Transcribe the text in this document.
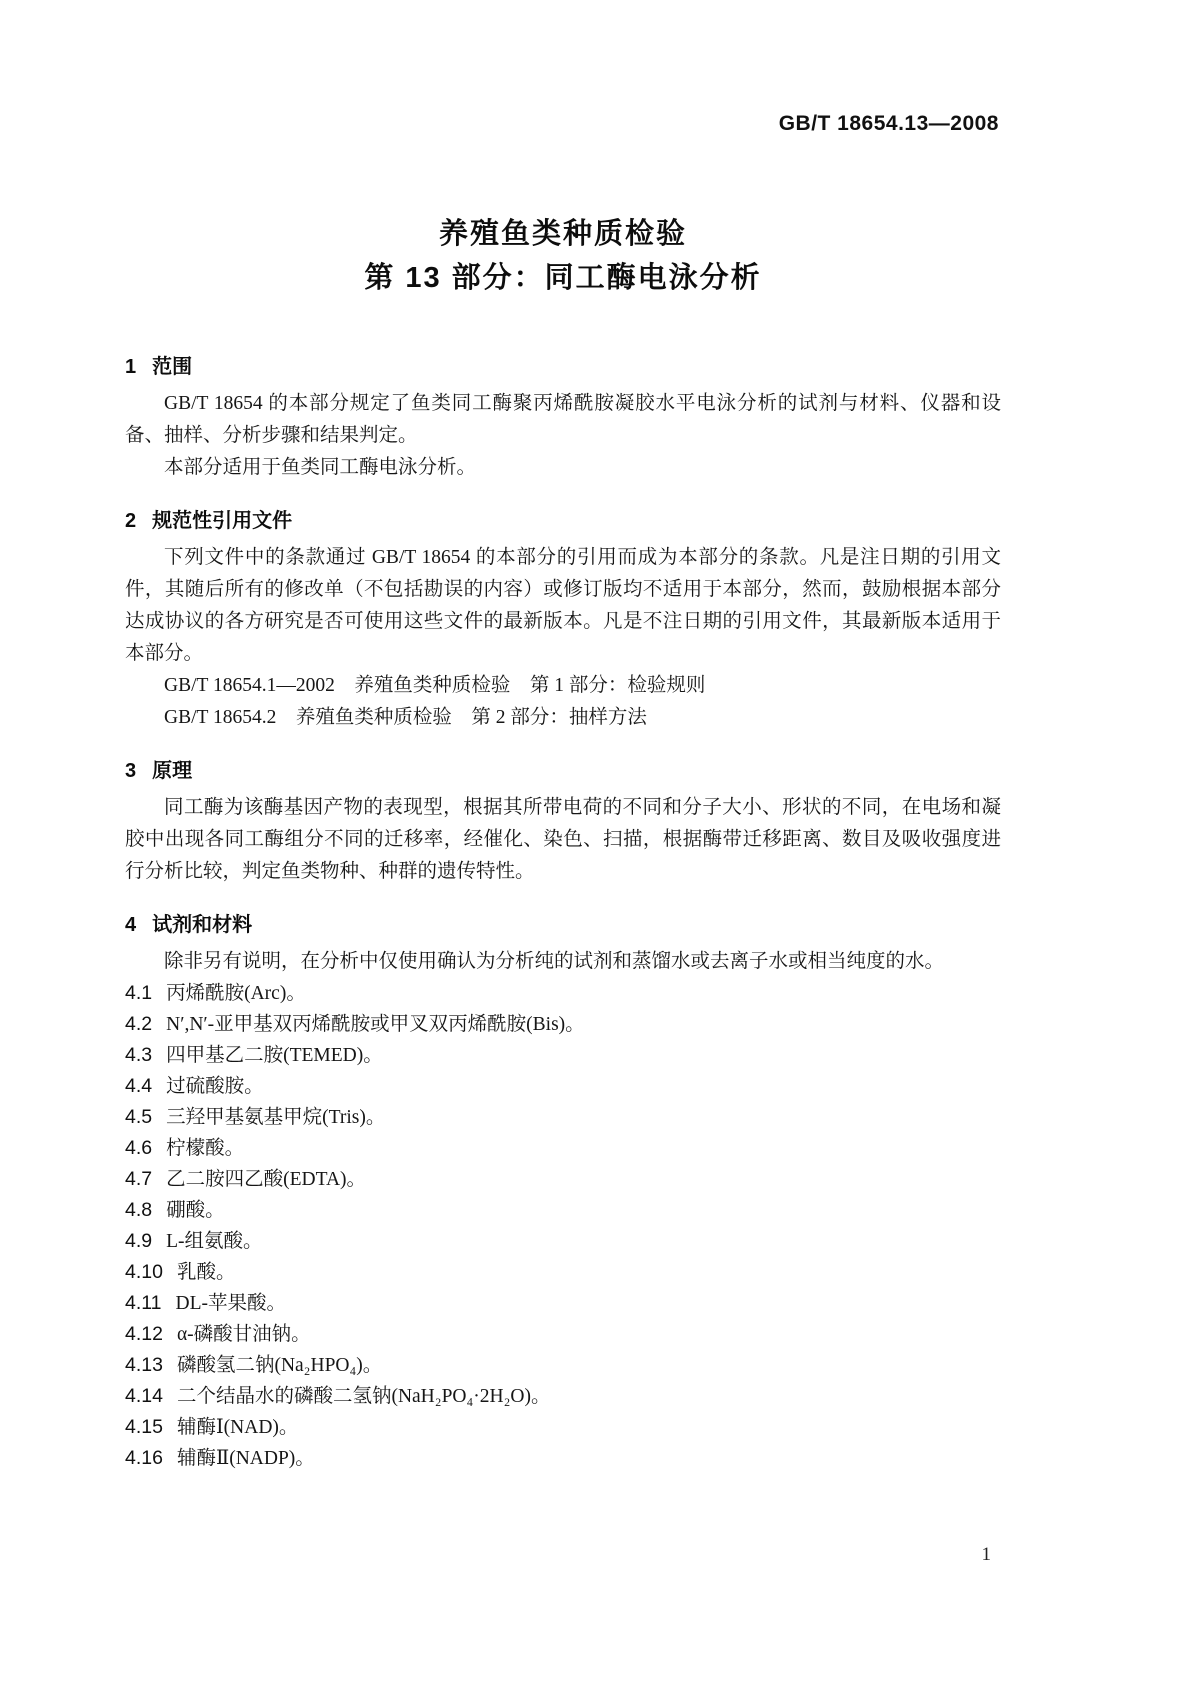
GB/T 18654.13—2008
养殖鱼类种质检验
第 13 部分：同工酶电泳分析
1 范围

GB/T 18654 的本部分规定了鱼类同工酶聚丙烯酰胺凝胶水平电泳分析的试剂与材料、仪器和设备、抽样、分析步骤和结果判定。

本部分适用于鱼类同工酶电泳分析。

2 规范性引用文件

下列文件中的条款通过 GB/T 18654 的本部分的引用而成为本部分的条款。凡是注日期的引用文件，其随后所有的修改单（不包括勘误的内容）或修订版均不适用于本部分，然而，鼓励根据本部分达成协议的各方研究是否可使用这些文件的最新版本。凡是不注日期的引用文件，其最新版本适用于本部分。

GB/T 18654.1—2002　养殖鱼类种质检验　第 1 部分：检验规则

GB/T 18654.2　养殖鱼类种质检验　第 2 部分：抽样方法

3 原理

同工酶为该酶基因产物的表现型，根据其所带电荷的不同和分子大小、形状的不同，在电场和凝胶中出现各同工酶组分不同的迁移率，经催化、染色、扫描，根据酶带迁移距离、数目及吸收强度进行分析比较，判定鱼类物种、种群的遗传特性。

4 试剂和材料

除非另有说明，在分析中仅使用确认为分析纯的试剂和蒸馏水或去离子水或相当纯度的水。

4.1 丙烯酰胺(Arc)。

4.2 N′,N′-亚甲基双丙烯酰胺或甲叉双丙烯酰胺(Bis)。

4.3 四甲基乙二胺(TEMED)。

4.4 过硫酸胺。

4.5 三羟甲基氨基甲烷(Tris)。

4.6 柠檬酸。

4.7 乙二胺四乙酸(EDTA)。

4.8 硼酸。

4.9 L-组氨酸。

4.10 乳酸。

4.11 DL-苹果酸。

4.12 α-磷酸甘油钠。

4.13 磷酸氢二钠(Na₂HPO₄)。

4.14 二个结晶水的磷酸二氢钠(NaH₂PO₄·2H₂O)。

4.15 辅酶Ⅰ(NAD)。

4.16 辅酶Ⅱ(NADP)。

1
